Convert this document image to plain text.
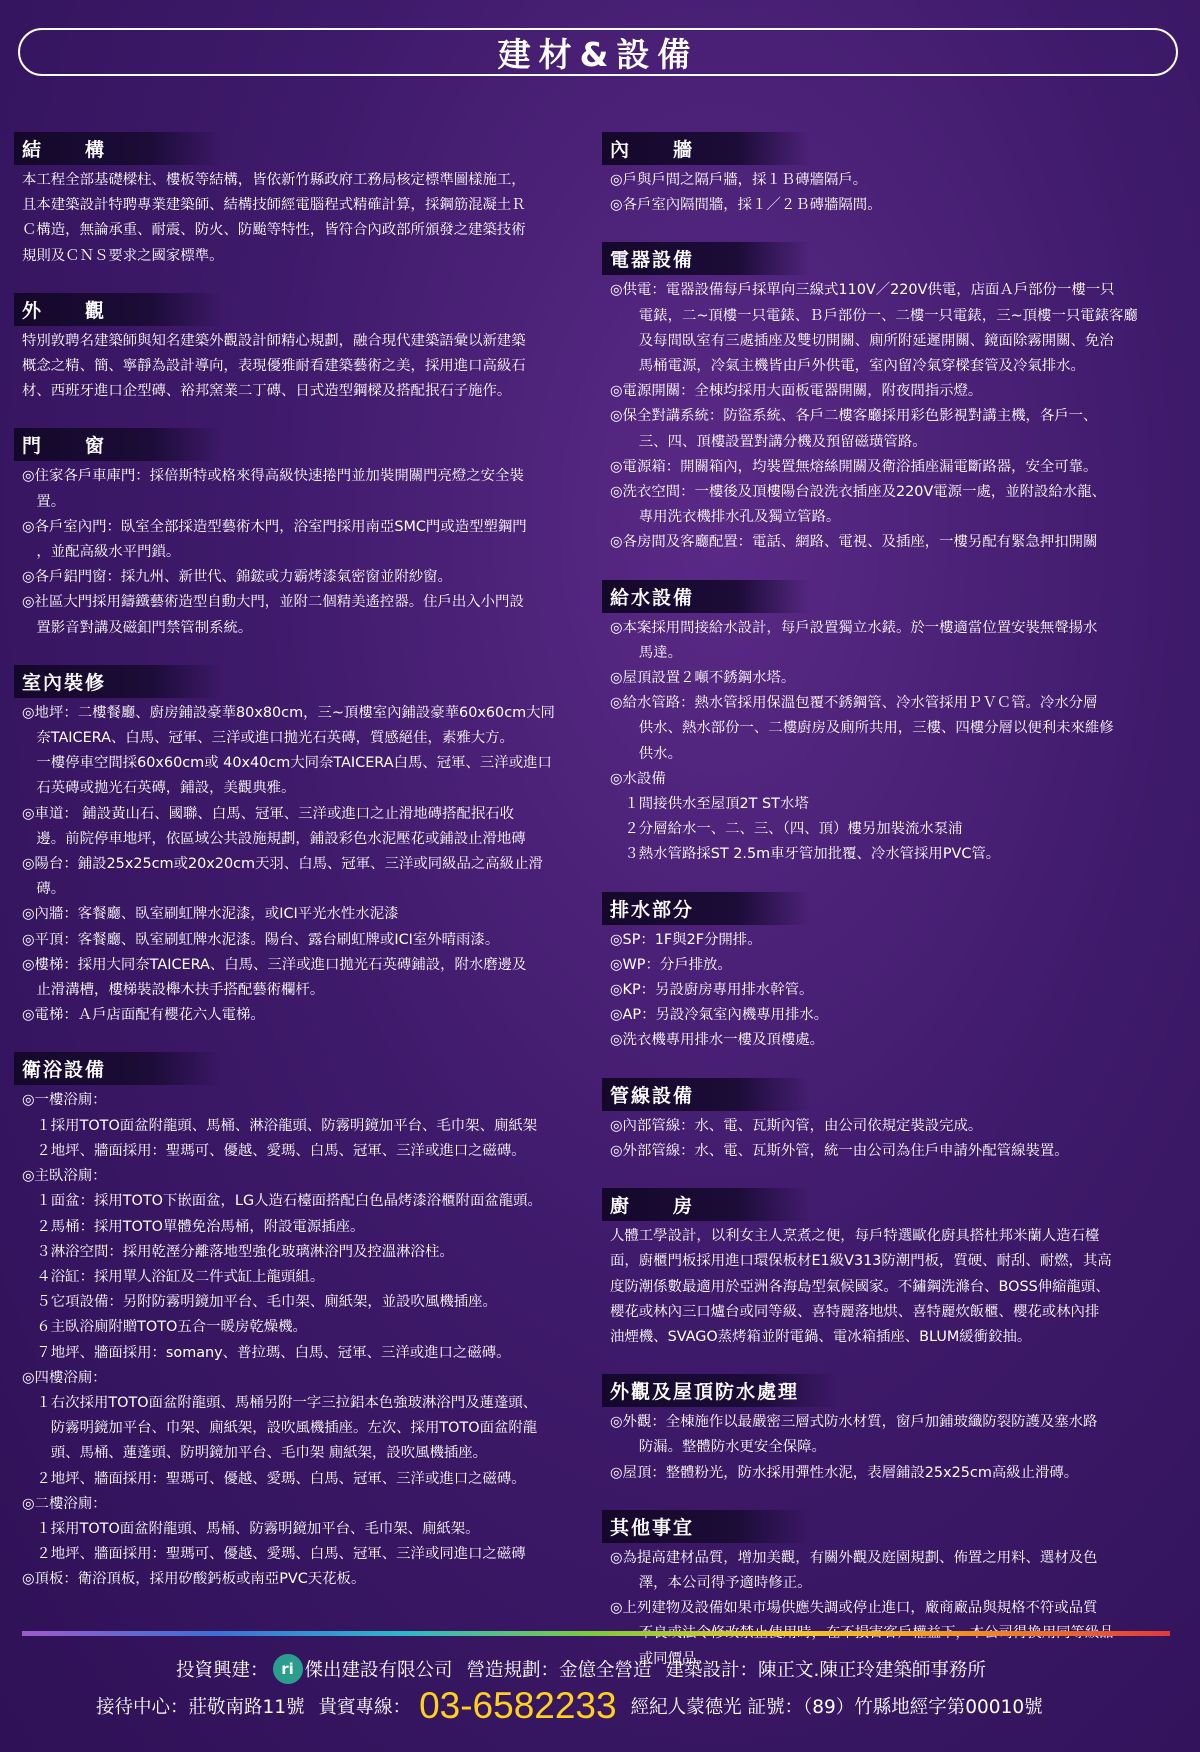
建材&設備
結　　構
本工程全部基礎樑柱、樓板等結構，皆依新竹縣政府工務局核定標準圖樣施工，
且本建築設計特聘專業建築師、結構技師經電腦程式精確計算，採鋼筋混凝土Ｒ
Ｃ構造，無論承重、耐震、防火、防颱等特性，皆符合內政部所頒發之建築技術
規則及ＣＮＳ要求之國家標準。
外　　觀
特別敦聘名建築師與知名建築外觀設計師精心規劃，融合現代建築語彙以新建築
概念之精、簡、寧靜為設計導向，表現優雅耐看建築藝術之美，採用進口高級石
材、西班牙進口企型磚、裕邦窯業二丁磚、日式造型鋼樑及搭配抿石子施作。
門　　窗
◎住家各戶車庫門：採倍斯特或格來得高級快速捲門並加裝開關門亮燈之安全裝
　置。
◎各戶室內門：臥室全部採造型藝術木門，浴室門採用南亞SMC門或造型塑鋼門
　，並配高級水平門鎖。
◎各戶鋁門窗：採九州、新世代、錦鋐或力霸烤漆氣密窗並附紗窗。
◎社區大門採用鑄鐵藝術造型自動大門，並附二個精美遙控器。住戶出入小門設
　置影音對講及磁釦門禁管制系統。
室內裝修
◎地坪：二樓餐廳、廚房鋪設豪華80x80cm，三~頂樓室內鋪設豪華60x60cm大同
　奈TAICERA、白馬、冠軍、三洋或進口拋光石英磚，質感絕佳，素雅大方。
　一樓停車空間採60x60cm或 40x40cm大同奈TAICERA白馬、冠軍、三洋或進口
　石英磚或拋光石英磚，鋪設，美觀典雅。
◎車道： 鋪設黃山石、國聯、白馬、冠軍、三洋或進口之止滑地磚搭配抿石收
　邊。前院停車地坪，依區域公共設施規劃，鋪設彩色水泥壓花或鋪設止滑地磚
◎陽台：鋪設25x25cm或20x20cm天羽、白馬、冠軍、三洋或同級品之高級止滑
　磚。
◎內牆：客餐廳、臥室刷虹牌水泥漆，或ICI平光水性水泥漆
◎平頂：客餐廳、臥室刷虹牌水泥漆。陽台、露台刷虹牌或ICI室外晴雨漆。
◎樓梯：採用大同奈TAICERA、白馬、三洋或進口拋光石英磚鋪設，附水磨邊及
　止滑溝槽，樓梯裝設櫸木扶手搭配藝術欄杆。
◎電梯：Ａ戶店面配有櫻花六人電梯。
衛浴設備
◎一樓浴廁：
　１採用TOTO面盆附龍頭、馬桶、淋浴龍頭、防霧明鏡加平台、毛巾架、廁紙架
　２地坪、牆面採用：聖瑪可、優越、愛瑪、白馬、冠軍、三洋或進口之磁磚。
◎主臥浴廁：
　１面盆：採用TOTO下嵌面盆，LG人造石檯面搭配白色晶烤漆浴櫃附面盆龍頭。
　２馬桶：採用TOTO單體免治馬桶，附設電源插座。
　３淋浴空間：採用乾溼分離落地型強化玻璃淋浴門及控溫淋浴柱。
　４浴缸：採用單人浴缸及二件式缸上龍頭組。
　５它項設備：另附防霧明鏡加平台、毛巾架、廁紙架，並設吹風機插座。
　６主臥浴廁附贈TOTO五合一暖房乾燥機。
　７地坪、牆面採用：somany、普拉瑪、白馬、冠軍、三洋或進口之磁磚。
◎四樓浴廁：
　１右次採用TOTO面盆附龍頭、馬桶另附一字三拉鋁本色強玻淋浴門及蓮蓬頭、
　　防霧明鏡加平台、巾架、廁紙架，設吹風機插座。左次、採用TOTO面盆附龍
　　頭、馬桶、蓮蓬頭、防明鏡加平台、毛巾架 廁紙架，設吹風機插座。
　２地坪、牆面採用：聖瑪可、優越、愛瑪、白馬、冠軍、三洋或進口之磁磚。
◎二樓浴廁：
　１採用TOTO面盆附龍頭、馬桶、防霧明鏡加平台、毛巾架、廁紙架。
　２地坪、牆面採用：聖瑪可、優越、愛瑪、白馬、冠軍、三洋或同進口之磁磚
◎頂板：衛浴頂板，採用矽酸鈣板或南亞PVC天花板。
內　　牆
◎戶與戶間之隔戶牆，採１Ｂ磚牆隔戶。
◎各戶室內隔間牆，採１／２Ｂ磚牆隔間。
電器設備
◎供電：電器設備每戶採單向三線式110V／220V供電，店面Ａ戶部份一樓一只
　　電錶，二~頂樓一只電錶、Ｂ戶部份一、二樓一只電錶，三~頂樓一只電錶客廳
　　及每間臥室有三處插座及雙切開關、廁所附延遲開關、鏡面除霧開關、免治
　　馬桶電源，冷氣主機皆由戶外供電，室內留冷氣穿樑套管及冷氣排水。
◎電源開關：全棟均採用大面板電器開關，附夜間指示燈。
◎保全對講系統：防盜系統、各戶二樓客廳採用彩色影視對講主機，各戶一、
　　三、四、頂樓設置對講分機及預留磁璜管路。
◎電源箱：開關箱內，均裝置無熔絲開關及衛浴插座漏電斷路器，安全可靠。
◎洗衣空間：一樓後及頂樓陽台設洗衣插座及220V電源一處，並附設給水龍、
　　專用洗衣機排水孔及獨立管路。
◎各房間及客廳配置：電話、網路、電視、及插座，一樓另配有緊急押扣開關
給水設備
◎本案採用間接給水設計，每戶設置獨立水錶。於一樓適當位置安裝無聲揚水
　　馬達。
◎屋頂設置２噸不銹鋼水塔。
◎給水管路：熱水管採用保溫包覆不銹鋼管、冷水管採用ＰＶＣ管。冷水分層
　　供水、熱水部份一、二樓廚房及廁所共用，三樓、四樓分層以便利未來維修
　　供水。
◎水設備
　１間接供水至屋頂2T ST水塔
　２分層給水一、二、三、（四、頂）樓另加裝流水泵浦
　３熱水管路採ST 2.5m車牙管加批覆、冷水管採用PVC管。
排水部分
◎SP：1F與2F分開排。
◎WP：分戶排放。
◎KP：另設廚房專用排水幹管。
◎AP：另設冷氣室內機專用排水。
◎洗衣機專用排水一樓及頂樓處。
管線設備
◎內部管線：水、電、瓦斯內管，由公司依規定裝設完成。
◎外部管線：水、電、瓦斯外管，統一由公司為住戶申請外配管線裝置。
廚　　房
人體工學設計，以利女主人烹煮之便，每戶特選歐化廚具搭杜邦米蘭人造石檯
面，廚櫃門板採用進口環保板材E1級V313防潮門板，質硬、耐刮、耐燃，其高
度防潮係數最適用於亞洲各海島型氣候國家。不鏽鋼洗滌台、BOSS伸縮龍頭、
櫻花或林內三口爐台或同等級、喜特麗落地烘、喜特麗炊飯櫃、櫻花或林內排
油煙機、SVAGO蒸烤箱並附電鍋、電冰箱插座、BLUM緩衝鉸抽。
外觀及屋頂防水處理
◎外觀：全棟施作以最嚴密三層式防水材質，窗戶加鋪玻纖防裂防護及塞水路
　　防漏。整體防水更安全保障。
◎屋頂：整體粉光，防水採用彈性水泥，表層鋪設25x25cm高級止滑磚。
其他事宜
◎為提高建材品質，增加美觀，有關外觀及庭園規劃、佈置之用料、選材及色
　　澤，本公司得予適時修正。
◎上列建物及設備如果市場供應失調或停止進口，廠商廠品與規格不符或品質
　　或同價品。
投資興建： ri 傑出建設有限公司 營造規劃：金億全營造 建築設計：陳正文.陳正玲建築師事務所
接待中心：莊敬南路11號 貴賓專線： 03-6582233 經紀人蒙德光 証號：（89）竹縣地經字第00010號
